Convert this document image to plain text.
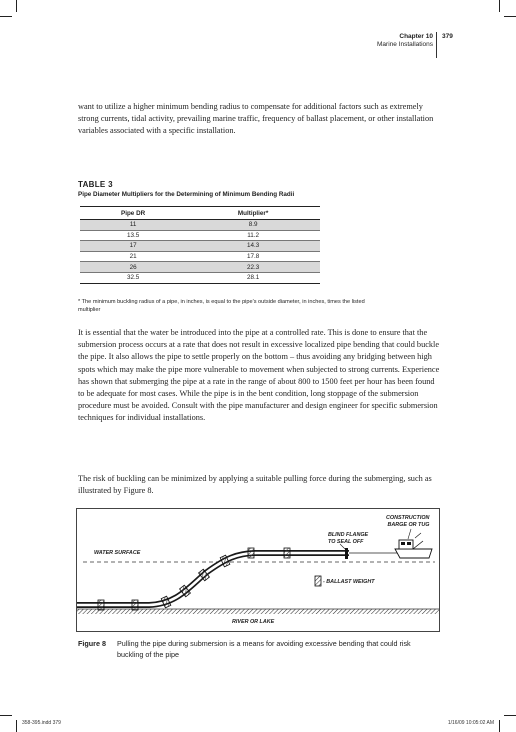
Chapter 10
Marine Installations
379

want to utilize a higher minimum bending radius to compensate for additional factors such as extremely strong currents, tidal activity, prevailing marine traffic, frequency of ballast placement, or other installation variables associated with a specific installation.

TABLE 3
Pipe Diameter Multipliers for the Determining of Minimum Bending Radii
Pipe DR	Multiplier*
11	8.9
13.5	11.2
17	14.3
21	17.8
26	22.3
32.5	28.1
* The minimum buckling radius of a pipe, in inches, is equal to the pipe's outside diameter, in inches, times the listed multiplier

It is essential that the water be introduced into the pipe at a controlled rate. This is done to ensure that the submersion process occurs at a rate that does not result in excessive localized pipe bending that could buckle the pipe. It also allows the pipe to settle properly on the bottom – thus avoiding any bridging between high spots which may make the pipe more vulnerable to movement when subjected to strong currents. Experience has shown that submerging the pipe at a rate in the range of about 800 to 1500 feet per hour has been found to be adequate for most cases. While the pipe is in the bent condition, long stoppage of the submersion procedure must be avoided. Consult with the pipe manufacturer and design engineer for specific submersion techniques for individual installations.

The risk of buckling can be minimized by applying a suitable pulling force during the submerging, such as illustrated by Figure 8.

CONSTRUCTION
BARGE OR TUG
BLIND FLANGE
TO SEAL OFF
WATER SURFACE
- BALLAST WEIGHT
RIVER OR LAKE
Figure 8 Pulling the pipe during submersion is a means for avoiding excessive bending that could risk buckling of the pipe
358-395.indd 379	1/16/09 10:05:02 AM
